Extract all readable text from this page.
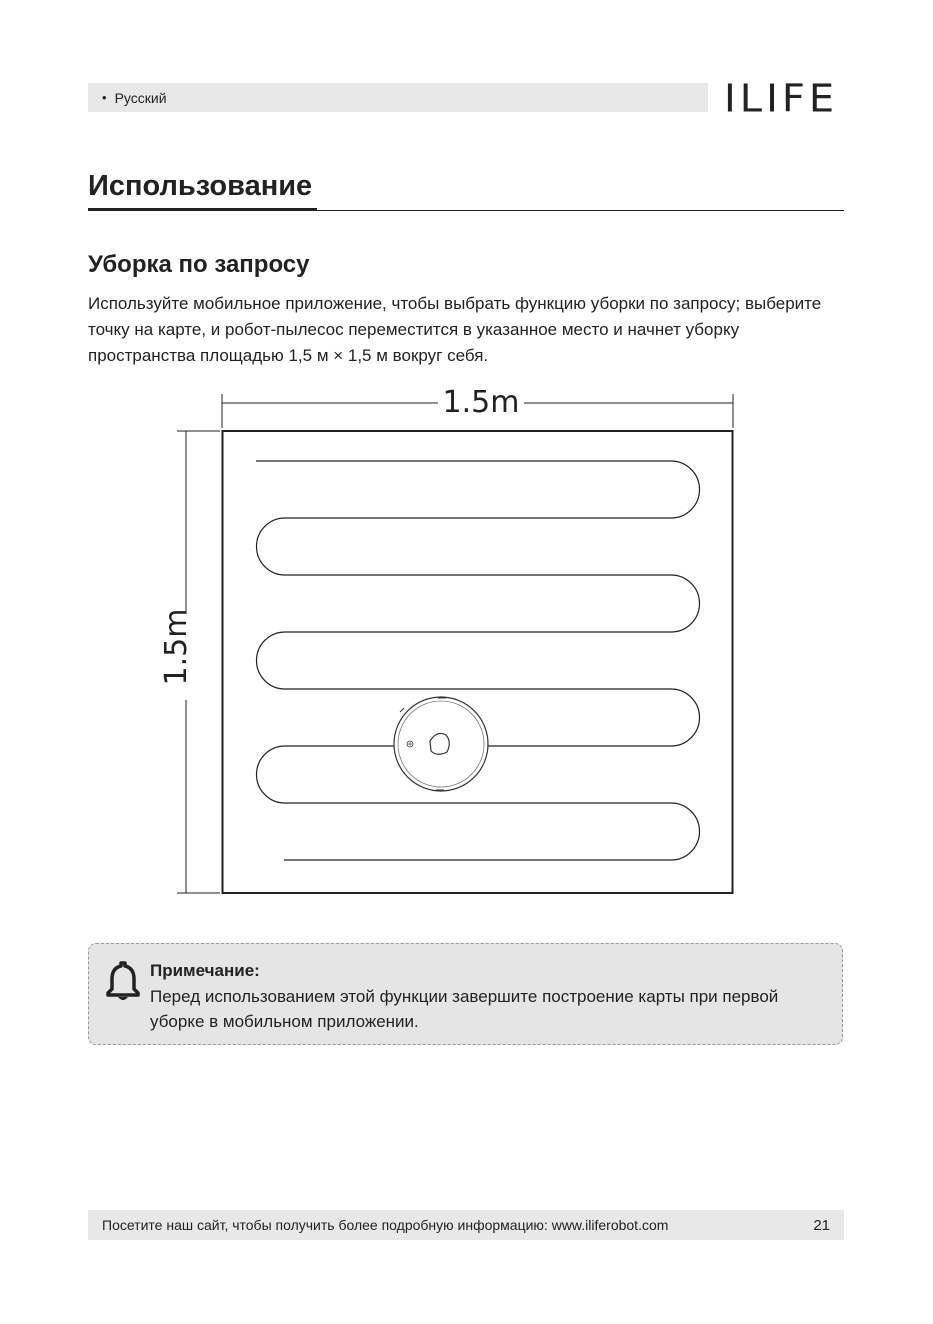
• Русский	ILIFE
Использование
Уборка по запросу
Используйте мобильное приложение, чтобы выбрать функцию уборки по запросу; выберите точку на карте, и робот-пылесос переместится в указанное место и начнет уборку пространства площадью 1,5 м × 1,5 м вокруг себя.
1.5m
1.5m
Примечание:
Перед использованием этой функции завершите построение карты при первой уборке в мобильном приложении.
Посетите наш сайт, чтобы получить более подробную информацию: www.iliferobot.com	21
